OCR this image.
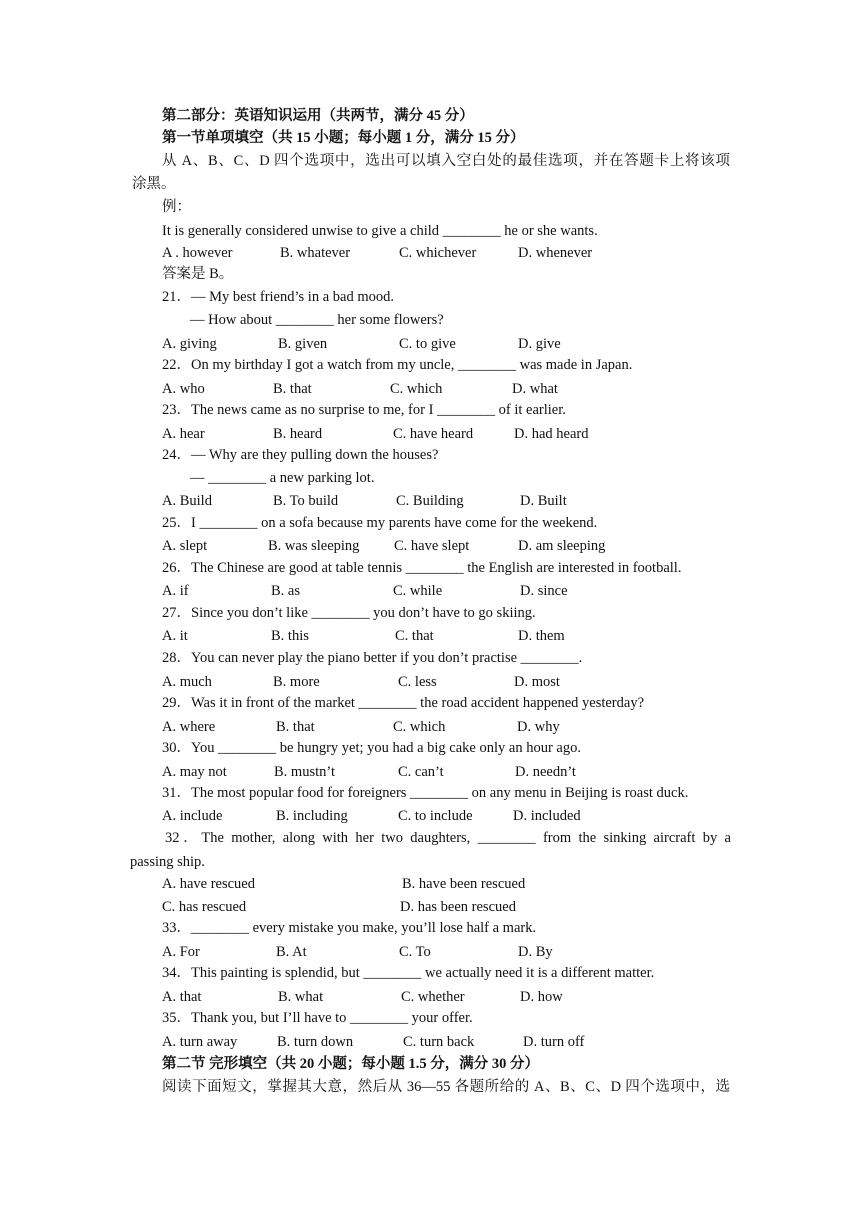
第二部分：英语知识运用（共两节，满分 45 分）
第一节单项填空（共 15 小题；每小题 1 分，满分 15 分）
从 A、B、C、D 四个选项中，选出可以填入空白处的最佳选项，并在答题卡上将该项
涂黑。
例：
It is generally considered unwise to give a child ________ he or she wants.
A . however	B. whatever	C. whichever	D. whenever
答案是 B。
21．— My best friend’s in a bad mood.
— How about ________ her some flowers?
A. giving	B. given	C. to give	D. give
22．On my birthday I got a watch from my uncle, ________ was made in Japan.
A. who	B. that	C. which	D. what
23．The news came as no surprise to me, for I ________ of it earlier.
A. hear	B. heard	C. have heard	D. had heard
24．— Why are they pulling down the houses?
— ________ a new parking lot.
A. Build	B. To build	C. Building	D. Built
25．I ________ on a sofa because my parents have come for the weekend.
A. slept	B. was sleeping C. have slept	D. am sleeping
26．The Chinese are good at table tennis ________ the English are interested in football.
A. if	B. as	C. while	D. since
27．Since you don’t like ________ you don’t have to go skiing.
A. it	B. this	C. that	D. them
28．You can never play the piano better if you don’t practise ________.
A. much	B. more	C. less	D. most
29．Was it in front of the market ________ the road accident happened yesterday?
A. where	B. that	C. which	D. why
30．You ________ be hungry yet; you had a big cake only an hour ago.
A. may not	B. mustn’t	C. can’t	D. needn’t
31．The most popular food for foreigners ________ on any menu in Beijing is roast duck.
A. include	B. including	C. to include	D. included
32．The mother, along with her two daughters, ________ from the sinking aircraft by a
passing ship.
A. have rescued	B. have been rescued
C. has rescued	D. has been rescued
33．________ every mistake you make, you’ll lose half a mark.
A. For	B. At	C. To	D. By
34．This painting is splendid, but ________ we actually need it is a different matter.
A. that	B. what	C. whether	D. how
35．Thank you, but I’ll have to ________ your offer.
A. turn away	B. turn down	C. turn back	D. turn off
第二节 完形填空（共 20 小题；每小题 1.5 分，满分 30 分）
阅读下面短文，掌握其大意，然后从 36—55 各题所给的 A、B、C、D 四个选项中，选
